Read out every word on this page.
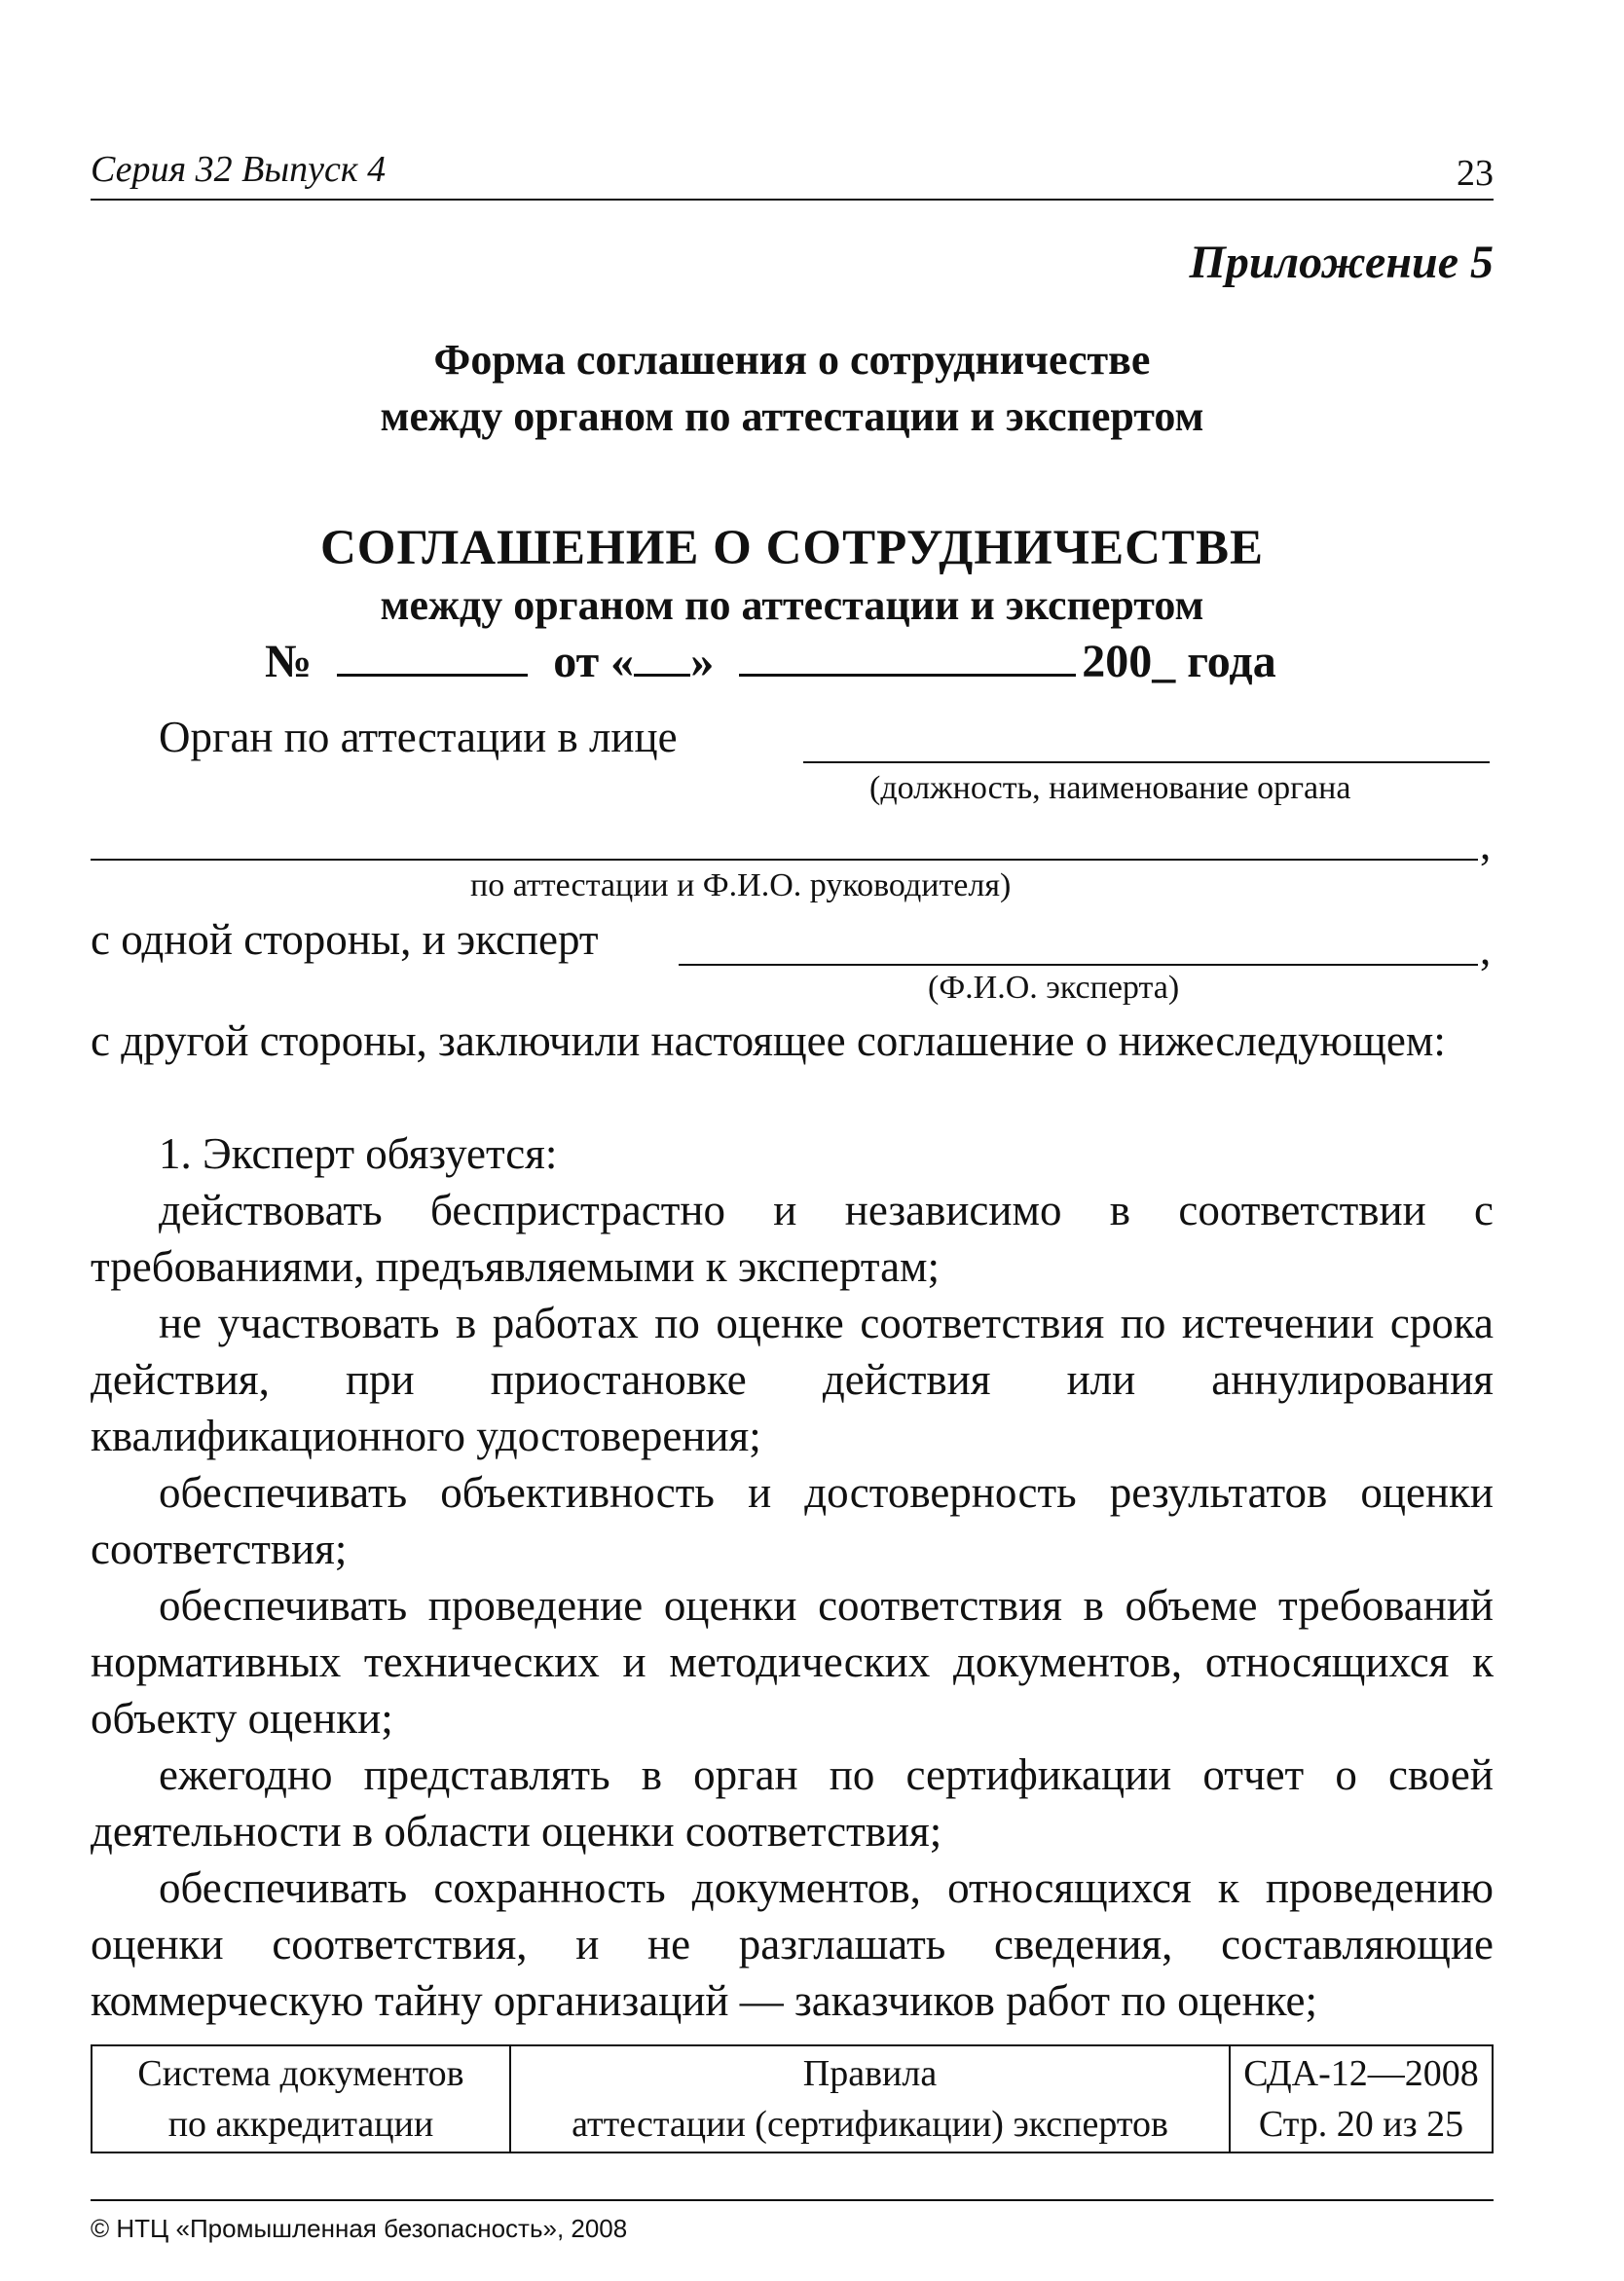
Серия 32 Выпуск 4	23
Приложение 5
Форма соглашения о сотрудничестве
между органом по аттестации и экспертом
СОГЛАШЕНИЕ О СОТРУДНИЧЕСТВЕ
между органом по аттестации и экспертом
№	от « »	200_ года
Орган по аттестации в лице
(должность, наименование органа
,
по аттестации и Ф.И.О. руководителя)
с одной стороны, и эксперт	,
(Ф.И.О. эксперта)
с другой стороны, заключили настоящее соглашение о нижеследующем:
1. Эксперт обязуется:
действовать беспристрастно и независимо в соответствии с требованиями, предъявляемыми к экспертам;
не участвовать в работах по оценке соответствия по истечении срока действия, при приостановке действия или аннулирования квалификационного удостоверения;
обеспечивать объективность и достоверность результатов оценки соответствия;
обеспечивать проведение оценки соответствия в объеме требований нормативных технических и методических документов, относящихся к объекту оценки;
ежегодно представлять в орган по сертификации отчет о своей деятельности в области оценки соответствия;
обеспечивать сохранность документов, относящихся к проведению оценки соответствия, и не разглашать сведения, составляющие коммерческую тайну организаций — заказчиков работ по оценке;
Система документов
по аккредитации

Правила
аттестации (сертификации) экспертов

СДА-12—2008
Стр. 20 из 25
© НТЦ «Промышленная безопасность», 2008
